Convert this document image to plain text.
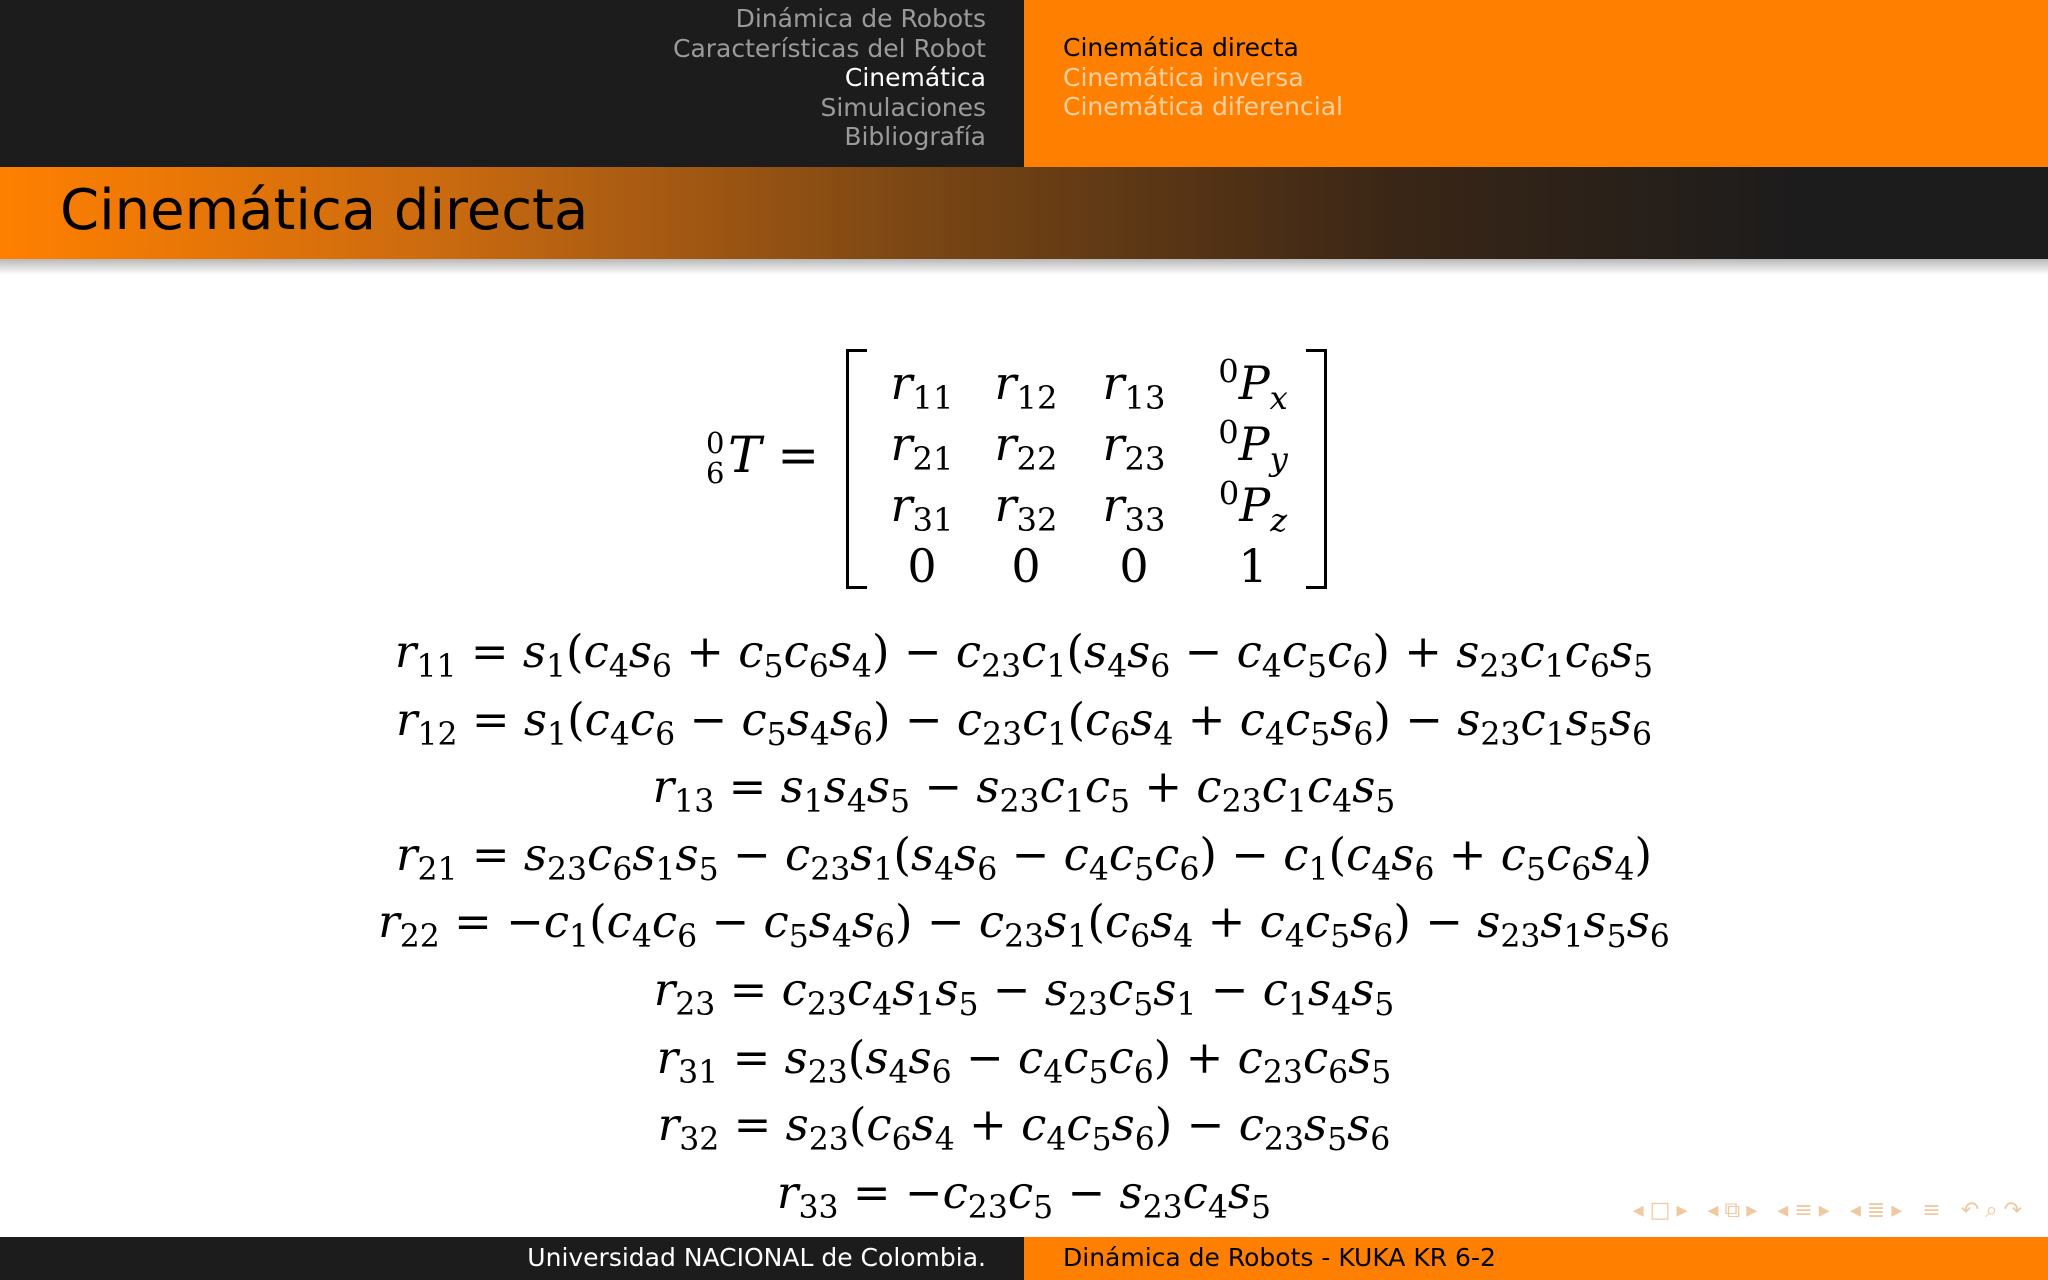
Dinámica de Robots
Características del Robot
Cinemática
Simulaciones
Bibliografía
Cinemática directa
Cinemática inversa
Cinemática diferencial
Cinemática directa
0
6 T =
$r_{11}$	$r_{12}$	$r_{13}$	$^0P_x$
$r_{21}$	$r_{22}$	$r_{23}$	$^0P_y$
$r_{31}$	$r_{32}$	$r_{33}$	$^0P_z$
0	0	0	1
$r_{11} = s_1(c_4s_6 + c_5c_6s_4) - c_{23}c_1(s_4s_6 - c_4c_5c_6) + s_{23}c_1c_6s_5$
$r_{12} = s_1(c_4c_6 - c_5s_4s_6) - c_{23}c_1(c_6s_4 + c_4c_5s_6) - s_{23}c_1s_5s_6$
$r_{13} = s_1s_4s_5 - s_{23}c_1c_5 + c_{23}c_1c_4s_5$
$r_{21} = s_{23}c_6s_1s_5 - c_{23}s_1(s_4s_6 - c_4c_5c_6) - c_1(c_4s_6 + c_5c_6s_4)$
$r_{22} = -c_1(c_4c_6 - c_5s_4s_6) - c_{23}s_1(c_6s_4 + c_4c_5s_6) - s_{23}s_1s_5s_6$
$r_{23} = c_{23}c_4s_1s_5 - s_{23}c_5s_1 - c_1s_4s_5$
$r_{31} = s_{23}(s_4s_6 - c_4c_5c_6) + c_{23}c_6s_5$
$r_{32} = s_{23}(c_6s_4 + c_4c_5s_6) - c_{23}s_5s_6$
$r_{33} = -c_{23}c_5 - s_{23}c_4s_5$	◂□▸ ◂⧉▸ ◂≡▸ ◂≣▸ ≡ ↶⌕↷
Universidad NACIONAL de Colombia.	Dinámica de Robots - KUKA KR 6-2
